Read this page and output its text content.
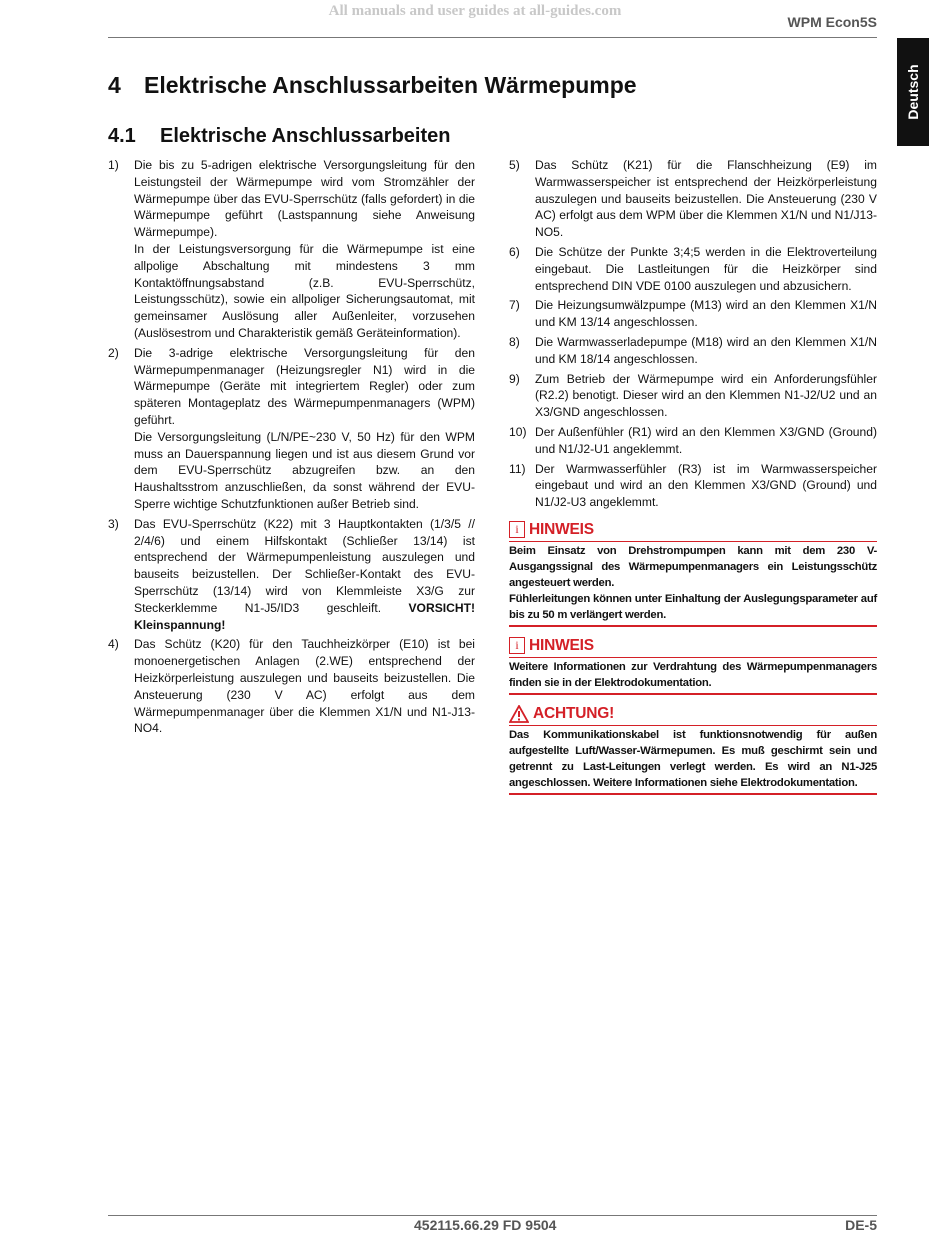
All manuals and user guides at all-guides.com
WPM Econ5S
Deutsch
4 Elektrische Anschlussarbeiten Wärmepumpe
4.1 Elektrische Anschlussarbeiten
1)	Die bis zu 5-adrigen elektrische Versorgungsleitung für den Leistungsteil der Wärmepumpe wird vom Stromzähler der Wärmepumpe über das EVU-Sperrschütz (falls gefordert) in die Wärmepumpe geführt (Lastspannung siehe Anweisung Wärmepumpe).

In der Leistungsversorgung für die Wärmepumpe ist eine allpolige Abschaltung mit mindestens 3 mm Kontaktöffnungsabstand (z.B. EVU-Sperrschütz, Leistungsschütz), sowie ein allpoliger Sicherungsautomat, mit gemeinsamer Auslösung aller Außenleiter, vorzusehen (Auslösestrom und Charakteristik gemäß Geräteinformation).

2)	Die 3-adrige elektrische Versorgungsleitung für den Wärmepumpenmanager (Heizungsregler N1) wird in die Wärmepumpe (Geräte mit integriertem Regler) oder zum späteren Montageplatz des Wärmepumpenmanagers (WPM) geführt.

Die Versorgungsleitung (L/N/PE~230 V, 50 Hz) für den WPM muss an Dauerspannung liegen und ist aus diesem Grund vor dem EVU-Sperrschütz abzugreifen bzw. an den Haushaltsstrom anzuschließen, da sonst während der EVU-Sperre wichtige Schutzfunktionen außer Betrieb sind.

3)	Das EVU-Sperrschütz (K22) mit 3 Hauptkontakten (1/3/5 // 2/4/6) und einem Hilfskontakt (Schließer 13/14) ist entsprechend der Wärmepumpenleistung auszulegen und bauseits beizustellen. Der Schließer-Kontakt des EVU-Sperrschütz (13/14) wird von Klemmleiste X3/G zur Steckerklemme N1-J5/ID3 geschleift. VORSICHT! Kleinspannung!

4)	Das Schütz (K20) für den Tauchheizkörper (E10) ist bei monoenergetischen Anlagen (2.WE) entsprechend der Heizkörperleistung auszulegen und bauseits beizustellen. Die Ansteuerung (230 V AC) erfolgt aus dem Wärmepumpenmanager über die Klemmen X1/N und N1-J13-NO4.

5)	Das Schütz (K21) für die Flanschheizung (E9) im Warmwasserspeicher ist entsprechend der Heizkörperleistung auszulegen und bauseits beizustellen. Die Ansteuerung (230 V AC) erfolgt aus dem WPM über die Klemmen X1/N und N1/J13-NO5.
6)	Die Schütze der Punkte 3;4;5 werden in die Elektroverteilung eingebaut. Die Lastleitungen für die Heizkörper sind entsprechend DIN VDE 0100 auszulegen und abzusichern.
7)	Die Heizungsumwälzpumpe (M13) wird an den Klemmen X1/N und KM 13/14 angeschlossen.
8)	Die Warmwasserladepumpe (M18) wird an den Klemmen X1/N und KM 18/14 angeschlossen.
9)	Zum Betrieb der Wärmepumpe wird ein Anforderungsfühler (R2.2) benotigt. Dieser wird an den Klemmen N1-J2/U2 und an X3/GND angeschlossen.
10) Der Außenfühler (R1) wird an den Klemmen X3/GND (Ground) und N1/J2-U1 angeklemmt.
11) Der Warmwasserfühler (R3) ist im Warmwasserspeicher eingebaut und wird an den Klemmen X3/GND (Ground) und N1/J2-U3 angeklemmt.
i HINWEIS

Beim Einsatz von Drehstrompumpen kann mit dem 230 V-Ausgangssignal des Wärmepumpenmanagers ein Leistungsschütz angesteuert werden.

Fühlerleitungen können unter Einhaltung der Auslegungsparameter auf bis zu 50 m verlängert werden.

i HINWEIS

Weitere Informationen zur Verdrahtung des Wärmepumpenmanagers finden sie in der Elektrodokumentation.

ACHTUNG!

Das Kommunikationskabel ist funktionsnotwendig für außen aufgestellte Luft/Wasser-Wärmepumen. Es muß geschirmt sein und getrennt zu Last-Leitungen verlegt werden. Es wird an N1-J25 angeschlossen. Weitere Informationen siehe Elektrodokumentation.

452115.66.29 FD 9504	DE-5
